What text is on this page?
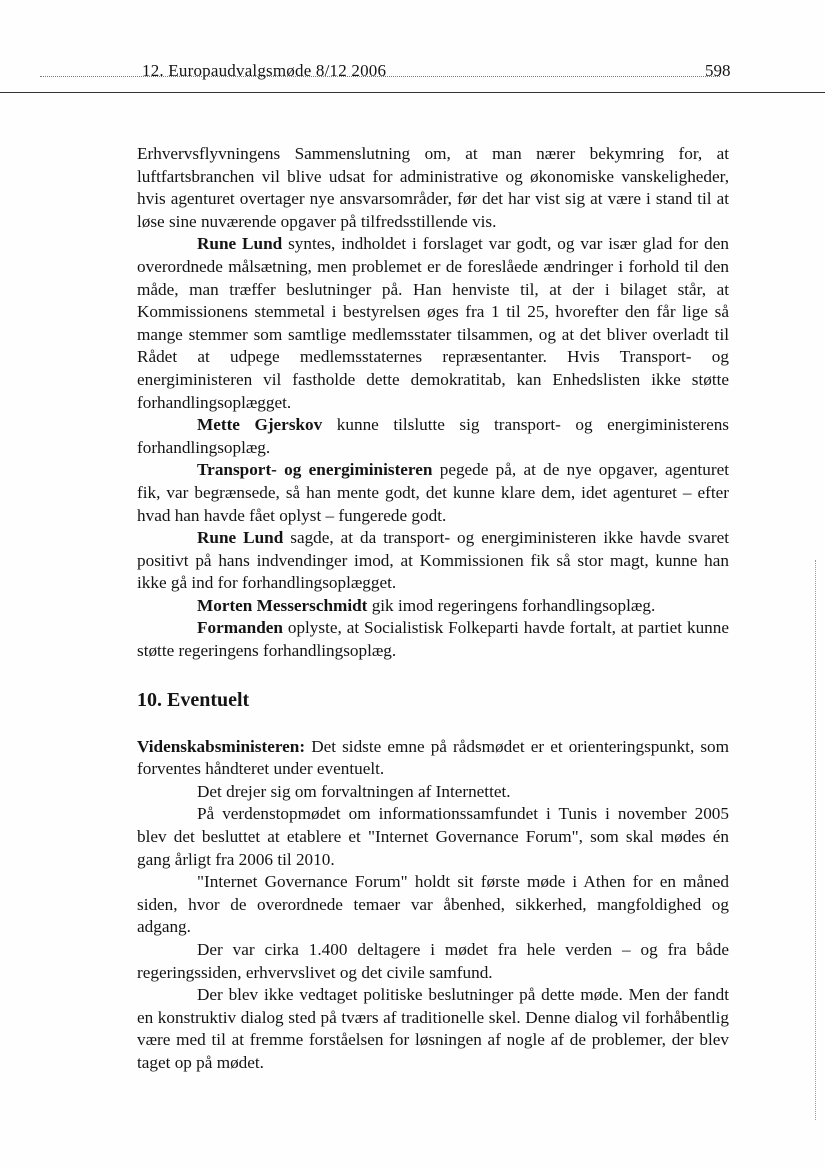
12. Europaudvalgsmøde 8/12 2006	598

Erhvervsflyvningens Sammenslutning om, at man nærer bekymring for, at luftfartsbranchen vil blive udsat for administrative og økonomiske vanskeligheder, hvis agenturet overtager nye ansvarsområder, før det har vist sig at være i stand til at løse sine nuværende opgaver på tilfredsstillende vis.

Rune Lund syntes, indholdet i forslaget var godt, og var især glad for den overordnede målsætning, men problemet er de foreslåede ændringer i forhold til den måde, man træffer beslutninger på. Han henviste til, at der i bilaget står, at Kommissionens stemmetal i bestyrelsen øges fra 1 til 25, hvorefter den får lige så mange stemmer som samtlige medlemsstater tilsammen, og at det bliver overladt til Rådet at udpege medlemsstaternes repræsentanter. Hvis Transport- og energiministeren vil fastholde dette demokratitab, kan Enhedslisten ikke støtte forhandlingsoplægget.

Mette Gjerskov kunne tilslutte sig transport- og energiministerens forhandlingsoplæg.

Transport- og energiministeren pegede på, at de nye opgaver, agenturet fik, var begrænsede, så han mente godt, det kunne klare dem, idet agenturet – efter hvad han havde fået oplyst – fungerede godt.

Rune Lund sagde, at da transport- og energiministeren ikke havde svaret positivt på hans indvendinger imod, at Kommissionen fik så stor magt, kunne han ikke gå ind for forhandlingsoplægget.

Morten Messerschmidt gik imod regeringens forhandlingsoplæg.

Formanden oplyste, at Socialistisk Folkeparti havde fortalt, at partiet kunne støtte regeringens forhandlingsoplæg.

10. Eventuelt

Videnskabsministeren: Det sidste emne på rådsmødet er et orienteringspunkt, som forventes håndteret under eventuelt.

Det drejer sig om forvaltningen af Internettet.

På verdenstopmødet om informationssamfundet i Tunis i november 2005 blev det besluttet at etablere et "Internet Governance Forum", som skal mødes én gang årligt fra 2006 til 2010.

"Internet Governance Forum" holdt sit første møde i Athen for en måned siden, hvor de overordnede temaer var åbenhed, sikkerhed, mangfoldighed og adgang.

Der var cirka 1.400 deltagere i mødet fra hele verden – og fra både regeringssiden, erhvervslivet og det civile samfund.

Der blev ikke vedtaget politiske beslutninger på dette møde. Men der fandt en konstruktiv dialog sted på tværs af traditionelle skel. Denne dialog vil forhåbentlig være med til at fremme forståelsen for løsningen af nogle af de problemer, der blev taget op på mødet.
